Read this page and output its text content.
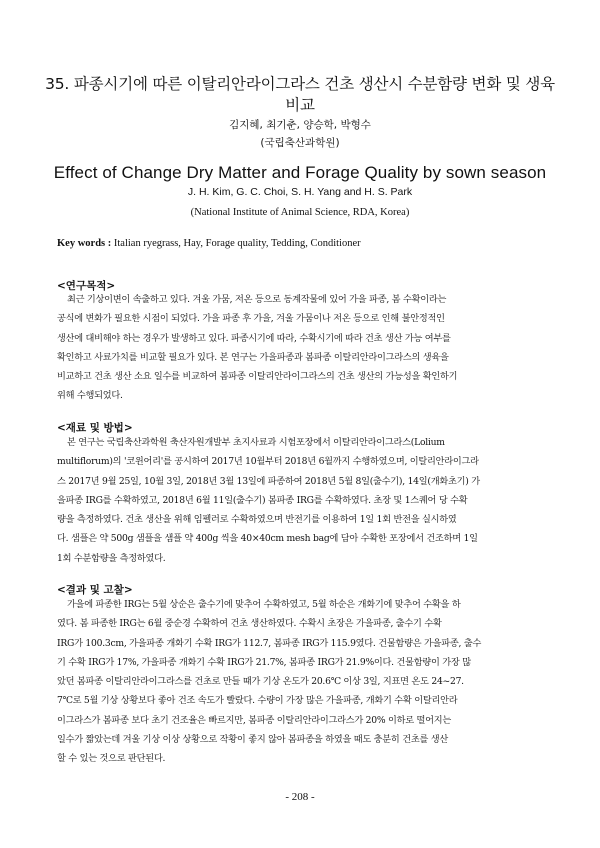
35. 파종시기에 따른 이탈리안라이그라스 건초 생산시 수분함량 변화 및 생육 비교
김지혜, 최기춘, 양승학, 박형수
(국립축산과학원)
Effect of Change Dry Matter and Forage Quality by sown season
J. H. Kim, G. C. Choi, S. H. Yang and H. S. Park
(National Institute of Animal Science, RDA, Korea)
Key words : Italian ryegrass, Hay, Forage quality, Tedding, Conditioner
<연구목적>
최근 기상이변이 속출하고 있다. 겨울 가뭄, 저온 등으로 동계작물에 있어 가을 파종, 봄 수확이라는
공식에 변화가 필요한 시점이 되었다. 가을 파종 후 가을, 겨울 가뭄이나 저온 등으로 인해 불안정적인
생산에 대비해야 하는 경우가 발생하고 있다. 파종시기에 따라, 수확시기에 따라 건초 생산 가능 여부를
확인하고 사료가치를 비교할 필요가 있다. 본 연구는 가을파종과 봄파종 이탈리안라이그라스의 생육을
비교하고 건초 생산 소요 일수를 비교하여 봄파종 이탈리안라이그라스의 건초 생산의 가능성을 확인하기
위해 수행되었다.
<재료 및 방법>
본 연구는 국립축산과학원 축산자원개발부 초지사료과 시험포장에서 이탈리안라이그라스(Lolium
multiflorum)의 '코윈어리'를 공시하여 2017년 10월부터 2018년 6월까지 수행하였으며, 이탈리안라이그라
스 2017년 9월 25일, 10월 3일, 2018년 3월 13일에 파종하여 2018년 5월 8일(출수기), 14일(개화초기) 가
을파종 IRG를 수확하였고, 2018년 6월 11일(출수기) 봄파종 IRG를 수확하였다. 초장 및 1스퀘어 당 수확
량을 측정하였다. 건초 생산을 위해 임펠러로 수확하였으며 반전기를 이용하여 1일 1회 반전을 실시하였
다. 샘플은 약 500g 샘플을 샘플 약 400g 씩을 40×40cm mesh bag에 담아 수확한 포장에서 건조하며 1일
1회 수분함량을 측정하였다.
<결과 및 고찰>
가을에 파종한 IRG는 5월 상순은 출수기에 맞추어 수확하였고, 5월 하순은 개화기에 맞추어 수확을 하
였다. 봄 파종한 IRG는 6월 중순경 수확하여 건초 생산하였다. 수확시 초장은 가을파종, 출수기 수확
IRG가 100.3cm, 가을파종 개화기 수확 IRG가 112.7, 봄파종 IRG가 115.9였다. 건물함량은 가을파종, 출수
기 수확 IRG가 17%, 가을파종 개화기 수확 IRG가 21.7%, 봄파종 IRG가 21.9%이다. 건물함량이 가장 많
았던 봄파종 이탈리안라이그라스를 건초로 만들 때가 기상 온도가 20.6℃ 이상 3일, 지표면 온도 24~27.
7℃로 5월 기상 상황보다 좋아 건조 속도가 빨랐다. 수량이 가장 많은 가을파종, 개화기 수확 이탈리안라
이그라스가 봄파종 보다 초기 건조율은 빠르지만, 봄파종 이탈리안라이그라스가 20% 이하로 떨어지는
일수가 짧았는데 겨울 기상 이상 상황으로 작황이 좋지 않아 봄파종을 하였을 때도 충분히 건초를 생산
할 수 있는 것으로 판단된다.
- 208 -
